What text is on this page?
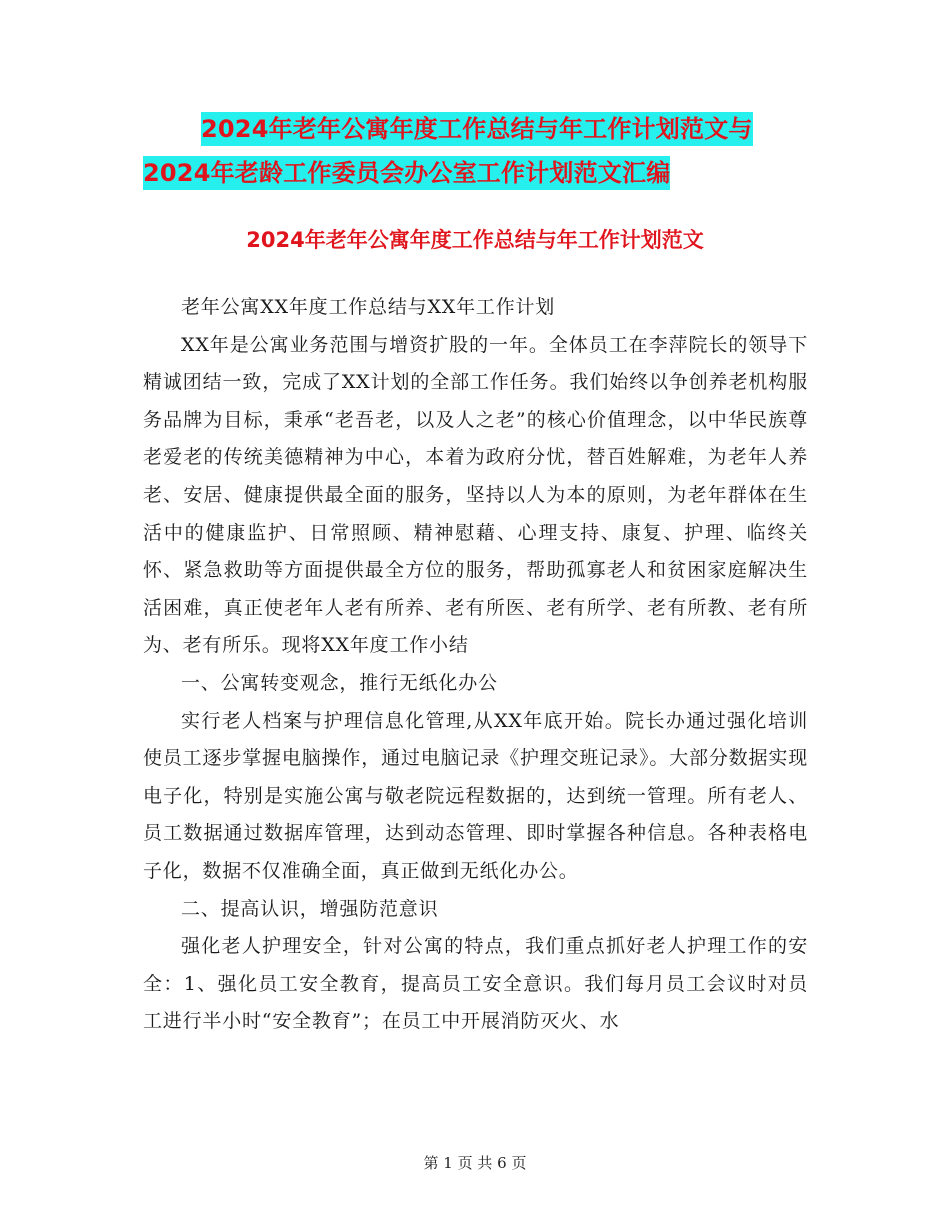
2024年老年公寓年度工作总结与年工作计划范文与
2024年老龄工作委员会办公室工作计划范文汇编
2024年老年公寓年度工作总结与年工作计划范文

老年公寓XX年度工作总结与XX年工作计划

XX年是公寓业务范围与增资扩股的一年。全体员工在李萍院长的领导下精诚团结一致，完成了XX计划的全部工作任务。我们始终以争创养老机构服务品牌为目标，秉承“老吾老，以及人之老”的核心价值理念，以中华民族尊老爱老的传统美德精神为中心，本着为政府分忧，替百姓解难，为老年人养老、安居、健康提供最全面的服务，坚持以人为本的原则，为老年群体在生活中的健康监护、日常照顾、精神慰藉、心理支持、康复、护理、临终关怀、紧急救助等方面提供最全方位的服务，帮助孤寡老人和贫困家庭解决生活困难，真正使老年人老有所养、老有所医、老有所学、老有所教、老有所为、老有所乐。现将XX年度工作小结

一、公寓转变观念，推行无纸化办公

实行老人档案与护理信息化管理,从XX年底开始。院长办通过强化培训使员工逐步掌握电脑操作，通过电脑记录《护理交班记录》。大部分数据实现电子化，特别是实施公寓与敬老院远程数据的，达到统一管理。所有老人、员工数据通过数据库管理，达到动态管理、即时掌握各种信息。各种表格电子化，数据不仅准确全面，真正做到无纸化办公。

二、提高认识，增强防范意识

强化老人护理安全，针对公寓的特点，我们重点抓好老人护理工作的安全：1、强化员工安全教育，提高员工安全意识。我们每月员工会议时对员工进行半小时“安全教育”；在员工中开展消防灭火、水

第 1 页 共 6 页
